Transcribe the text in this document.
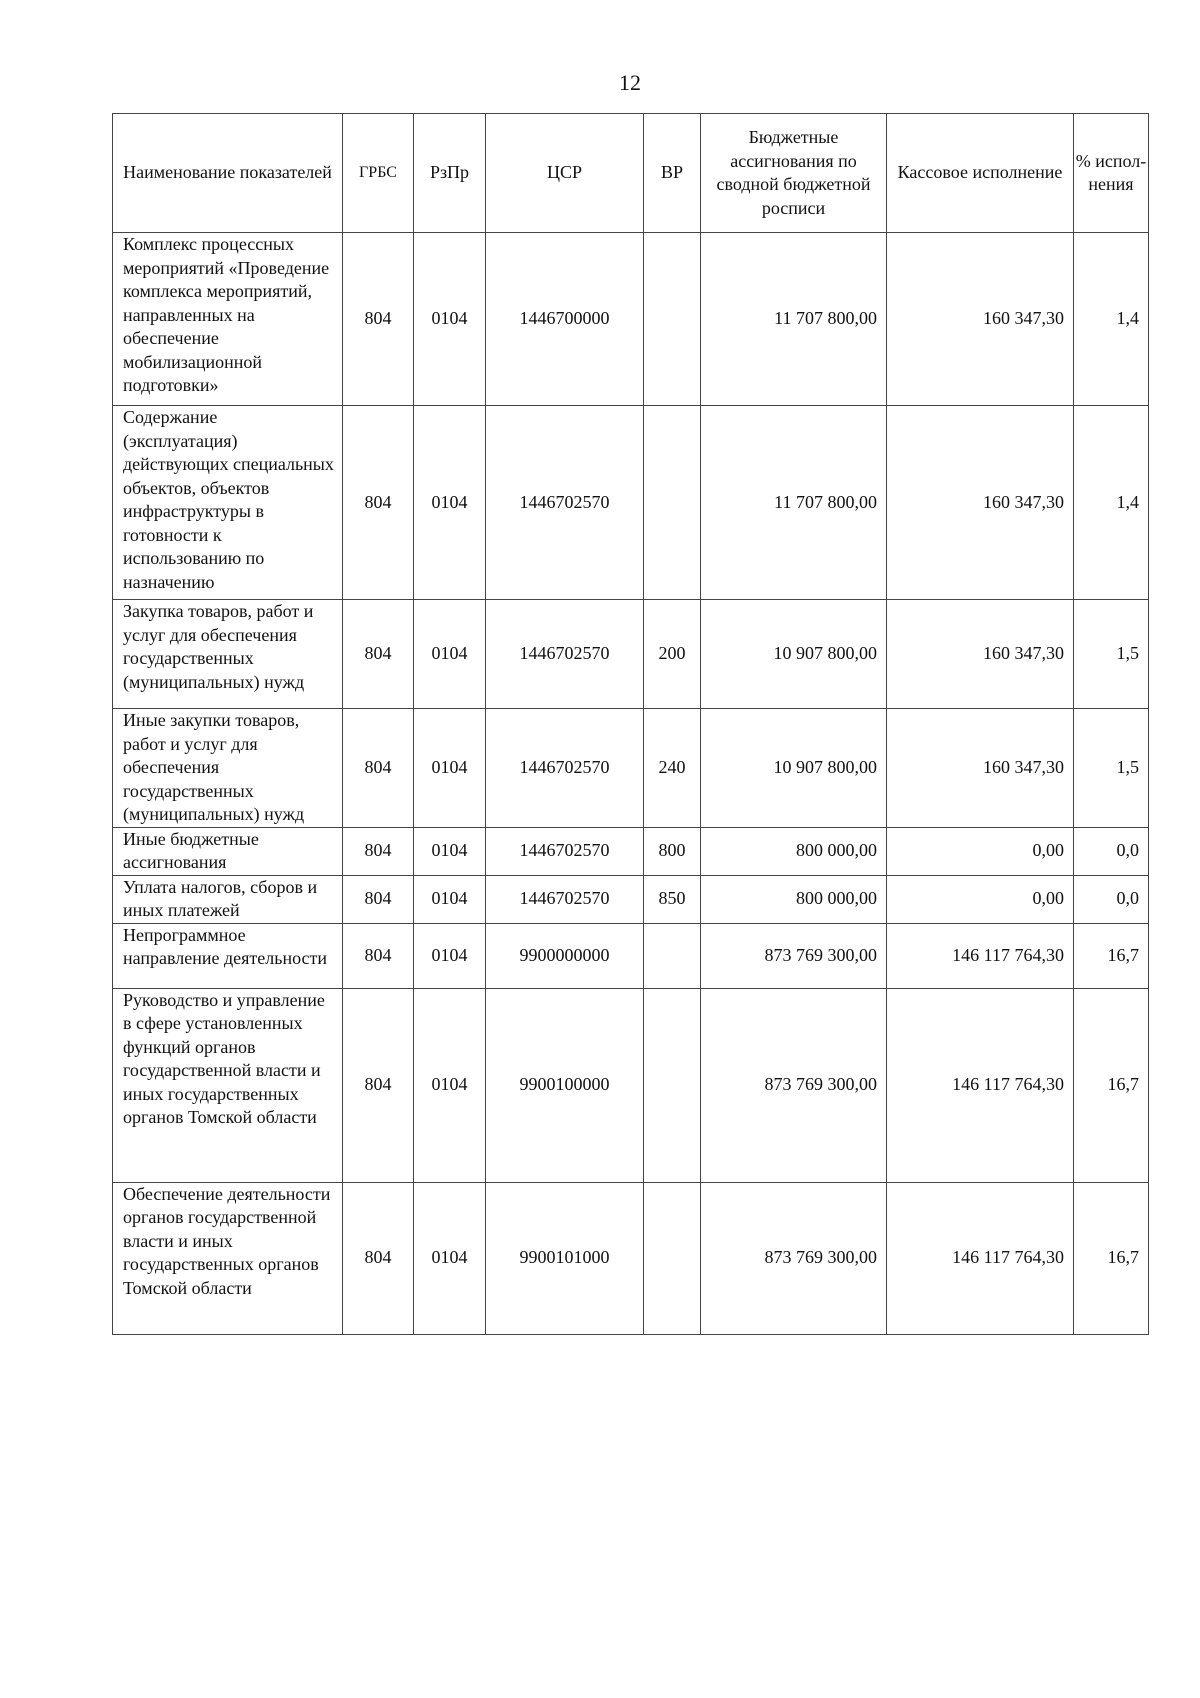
12
Наименование показателей	ГРБС	РзПр	ЦСР	ВР	Бюджетные ассигнования по сводной бюджетной росписи	Кассовое исполнение	% испол-нения
Комплекс процессных мероприятий «Проведение комплекса мероприятий, направленных на обеспечение мобилизационной подготовки»	804	0104	1446700000		11 707 800,00	160 347,30	1,4
Содержание (эксплуатация) действующих специальных объектов, объектов инфраструктуры в готовности к использованию по назначению	804	0104	1446702570		11 707 800,00	160 347,30	1,4
Закупка товаров, работ и услуг для обеспечения государственных (муниципальных) нужд	804	0104	1446702570	200	10 907 800,00	160 347,30	1,5
Иные закупки товаров, работ и услуг для обеспечения государственных (муниципальных) нужд	804	0104	1446702570	240	10 907 800,00	160 347,30	1,5
Иные бюджетные ассигнования	804	0104	1446702570	800	800 000,00	0,00	0,0
Уплата налогов, сборов и иных платежей	804	0104	1446702570	850	800 000,00	0,00	0,0
Непрограммное направление деятельности	804	0104	9900000000		873 769 300,00	146 117 764,30	16,7
Руководство и управление в сфере установленных функций органов государственной власти и иных государственных органов Томской области	804	0104	9900100000		873 769 300,00	146 117 764,30	16,7
Обеспечение деятельности органов государственной власти и иных государственных органов Томской области	804	0104	9900101000		873 769 300,00	146 117 764,30	16,7
